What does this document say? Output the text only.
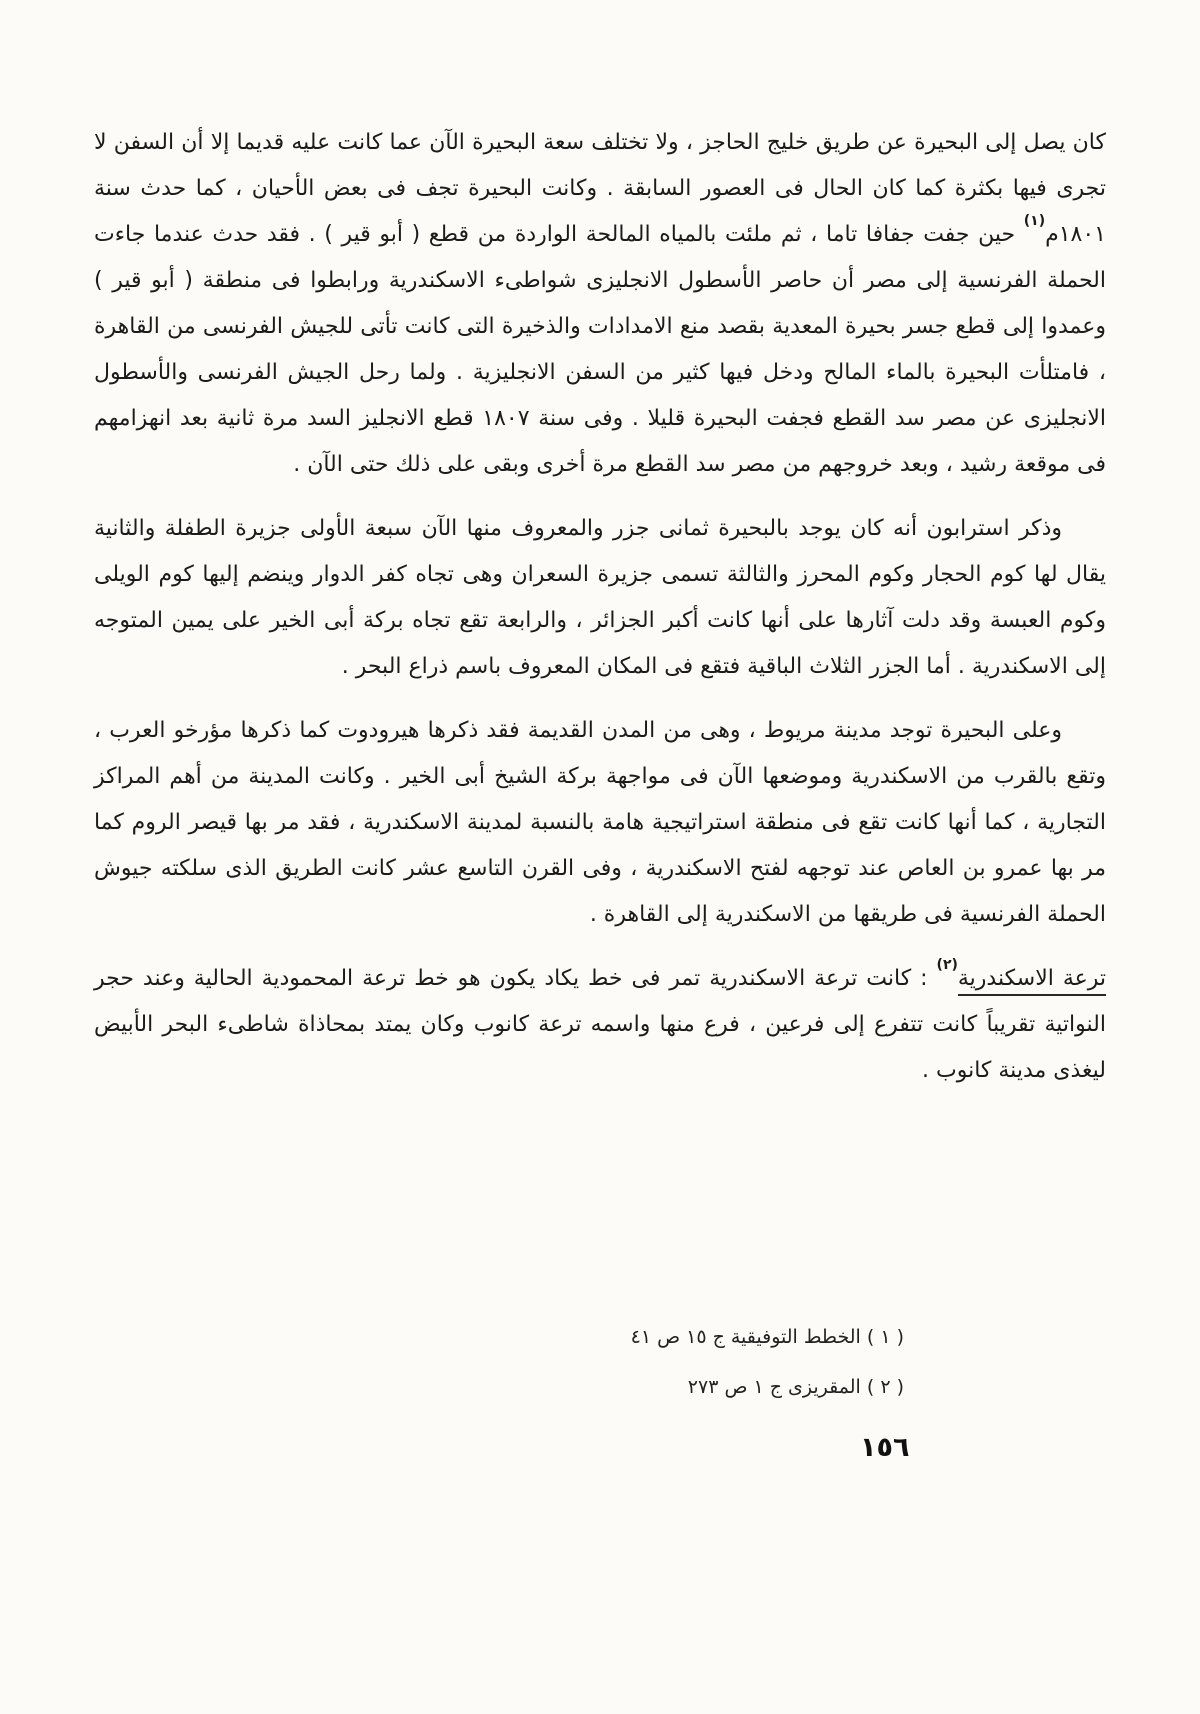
كان يصل إلى البحيرة عن طريق خليج الحاجز ، ولا تختلف سعة البحيرة الآن عما كانت عليه قديما إلا أن السفن لا تجرى فيها بكثرة كما كان الحال فى العصور السابقة . وكانت البحيرة تجف فى بعض الأحيان ، كما حدث سنة ١٨٠١م$^{(١)}$ حين جفت جفافا تاما ، ثم ملئت بالمياه المالحة الواردة من قطع ( أبو قير ) . فقد حدث عندما جاءت الحملة الفرنسية إلى مصر أن حاصر الأسطول الانجليزى شواطىء الاسكندرية ورابطوا فى منطقة ( أبو قير ) وعمدوا إلى قطع جسر بحيرة المعدية بقصد منع الامدادات والذخيرة التى كانت تأتى للجيش الفرنسى من القاهرة ، فامتلأت البحيرة بالماء المالح ودخل فيها كثير من السفن الانجليزية . ولما رحل الجيش الفرنسى والأسطول الانجليزى عن مصر سد القطع فجفت البحيرة قليلا . وفى سنة ١٨٠٧ قطع الانجليز السد مرة ثانية بعد انهزامهم فى موقعة رشيد ، وبعد خروجهم من مصر سد القطع مرة أخرى وبقى على ذلك حتى الآن .

وذكر استرابون أنه كان يوجد بالبحيرة ثمانى جزر والمعروف منها الآن سبعة الأولى جزيرة الطفلة والثانية يقال لها كوم الحجار وكوم المحرز والثالثة تسمى جزيرة السعران وهى تجاه كفر الدوار وينضم إليها كوم الويلى وكوم العبسة وقد دلت آثارها على أنها كانت أكبر الجزائر ، والرابعة تقع تجاه بركة أبى الخير على يمين المتوجه إلى الاسكندرية . أما الجزر الثلاث الباقية فتقع فى المكان المعروف باسم ذراع البحر .

وعلى البحيرة توجد مدينة مريوط ، وهى من المدن القديمة فقد ذكرها هيرودوت كما ذكرها مؤرخو العرب ، وتقع بالقرب من الاسكندرية وموضعها الآن فى مواجهة بركة الشيخ أبى الخير . وكانت المدينة من أهم المراكز التجارية ، كما أنها كانت تقع فى منطقة استراتيجية هامة بالنسبة لمدينة الاسكندرية ، فقد مر بها قيصر الروم كما مر بها عمرو بن العاص عند توجهه لفتح الاسكندرية ، وفى القرن التاسع عشر كانت الطريق الذى سلكته جيوش الحملة الفرنسية فى طريقها من الاسكندرية إلى القاهرة .

ترعة الاسكندرية$^{(٢)}$ : كانت ترعة الاسكندرية تمر فى خط يكاد يكون هو خط ترعة المحمودية الحالية وعند حجر النواتية تقريباً كانت تتفرع إلى فرعين ، فرع منها واسمه ترعة كانوب وكان يمتد بمحاذاة شاطىء البحر الأبيض ليغذى مدينة كانوب .

( ١ ) الخطط التوفيقية ج ١٥ ص ٤١
( ٢ ) المقريزى ج ١ ص ٢٧٣
١٥٦
